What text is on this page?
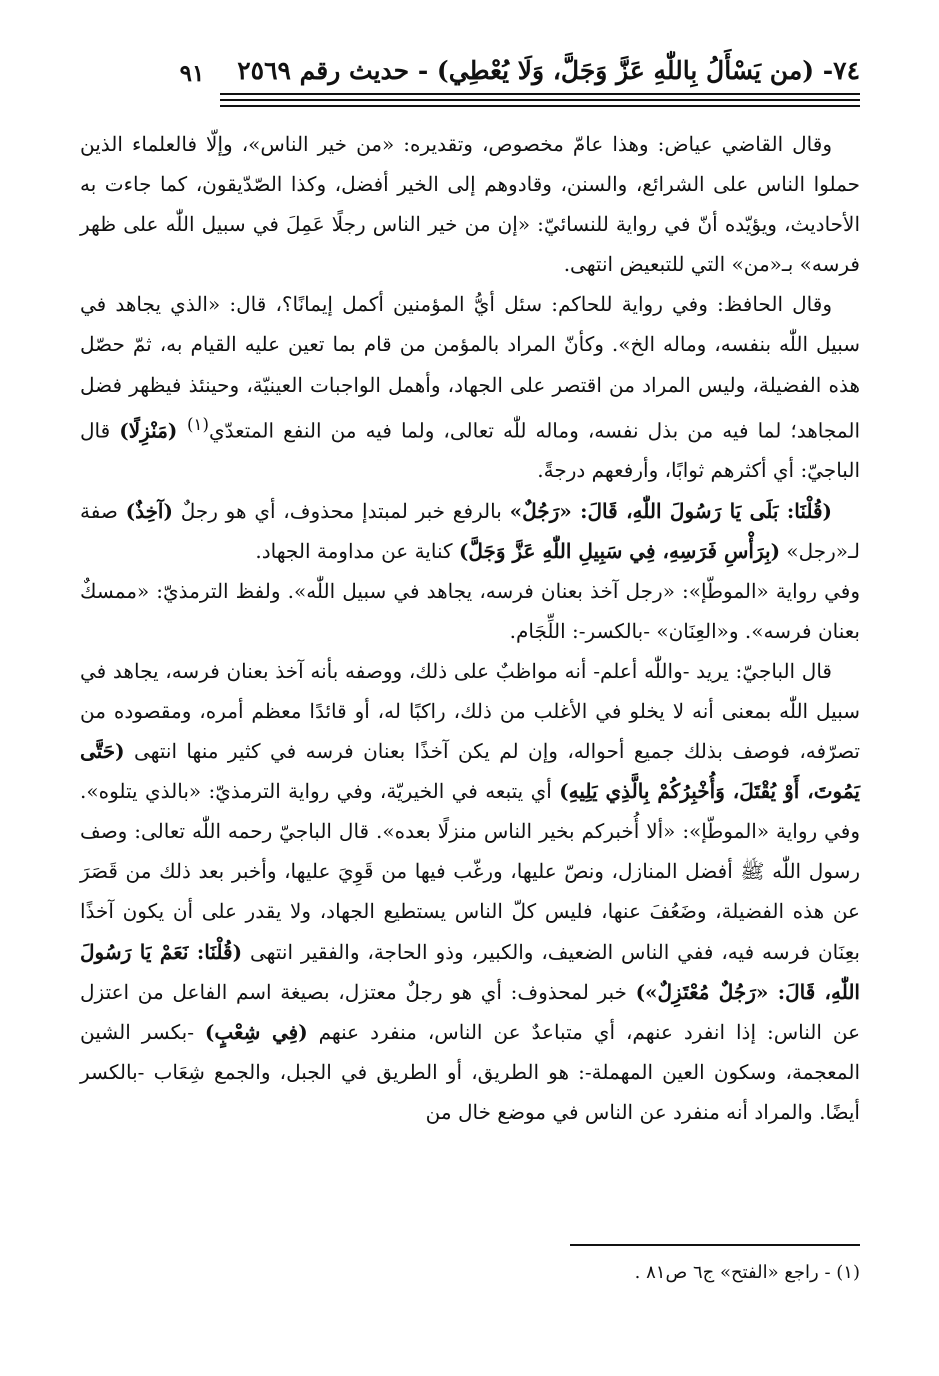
٧٤- (من يَسْأَلُ بِاللّٰهِ عَزَّ وَجَلَّ، وَلَا يُعْطِي) - حديث رقم ٢٥٦٩
٩١

وقال القاضي عياض: وهذا عامّ مخصوص، وتقديره: «من خير الناس»، وإلّا فالعلماء الذين حملوا الناس على الشرائع، والسنن، وقادوهم إلى الخير أفضل، وكذا الصّدّيقون، كما جاءت به الأحاديث، ويؤيّده أنّ في رواية للنسائيّ: «إن من خير الناس رجلًا عَمِلَ في سبيل اللّٰه على ظهر فرسه» بـ«من» التي للتبعيض انتهى.

وقال الحافظ: وفي رواية للحاكم: سئل أيُّ المؤمنين أكمل إيمانًا؟، قال: «الذي يجاهد في سبيل اللّٰه بنفسه، وماله الخ». وكأنّ المراد بالمؤمن من قام بما تعين عليه القيام به، ثمّ حصّل هذه الفضيلة، وليس المراد من اقتصر على الجهاد، وأهمل الواجبات العينيّة، وحينئذ فيظهر فضل المجاهد؛ لما فيه من بذل نفسه، وماله للّٰه تعالى، ولما فيه من النفع المتعدّي$^{(١)}$ (مَنْزِلًا) قال الباجيّ: أي أكثرهم ثوابًا، وأرفعهم درجةً.

(قُلْنَا: بَلَى يَا رَسُولَ اللّٰهِ، قَالَ: «رَجُلٌ» بالرفع خبر لمبتدإ محذوف، أي هو رجلٌ (آخِذٌ) صفة لـ«رجل» (بِرَأْسِ فَرَسِهِ، فِي سَبِيلِ اللّٰهِ عَزَّ وَجَلَّ) كناية عن مداومة الجهاد.

وفي رواية «الموطّإ»: «رجل آخذ بعنان فرسه، يجاهد في سبيل اللّٰه». ولفظ الترمذيّ: «ممسكٌ بعنان فرسه». و«العِنَان» -بالكسر-: اللِّجَام.

قال الباجيّ: يريد -واللّٰه أعلم- أنه مواظبٌ على ذلك، ووصفه بأنه آخذ بعنان فرسه، يجاهد في سبيل اللّٰه بمعنى أنه لا يخلو في الأغلب من ذلك، راكبًا له، أو قائدًا معظم أمره، ومقصوده من تصرّفه، فوصف بذلك جميع أحواله، وإن لم يكن آخذًا بعنان فرسه في كثير منها انتهى (حَتَّى يَمُوتَ، أَوْ يُقْتَلَ، وَأُخْبِرُكُمْ بِالَّذِي يَلِيهِ) أي يتبعه في الخيريّة، وفي رواية الترمذيّ: «بالذي يتلوه». وفي رواية «الموطّإ»: «ألا أُخبركم بخير الناس منزلًا بعده». قال الباجيّ رحمه اللّٰه تعالى: وصف رسول اللّٰه ﷺ أفضل المنازل، ونصّ عليها، ورغّب فيها من قَوِيَ عليها، وأخبر بعد ذلك من قَصَرَ عن هذه الفضيلة، وضَعُفَ عنها، فليس كلّ الناس يستطيع الجهاد، ولا يقدر على أن يكون آخذًا بعِنَان فرسه فيه، ففي الناس الضعيف، والكبير، وذو الحاجة، والفقير انتهى (قُلْنَا: نَعَمْ يَا رَسُولَ اللّٰهِ، قَالَ: «رَجُلٌ مُعْتَزِلٌ») خبر لمحذوف: أي هو رجلٌ معتزل، بصيغة اسم الفاعل من اعتزل عن الناس: إذا انفرد عنهم، أي متباعدٌ عن الناس، منفرد عنهم (فِي شِعْبٍ) -بكسر الشين المعجمة، وسكون العين المهملة-: هو الطريق، أو الطريق في الجبل، والجمع شِعَاب -بالكسر أيضًا. والمراد أنه منفرد عن الناس في موضع خال من

(١) - راجع «الفتح» ج٦ ص٨١ .
